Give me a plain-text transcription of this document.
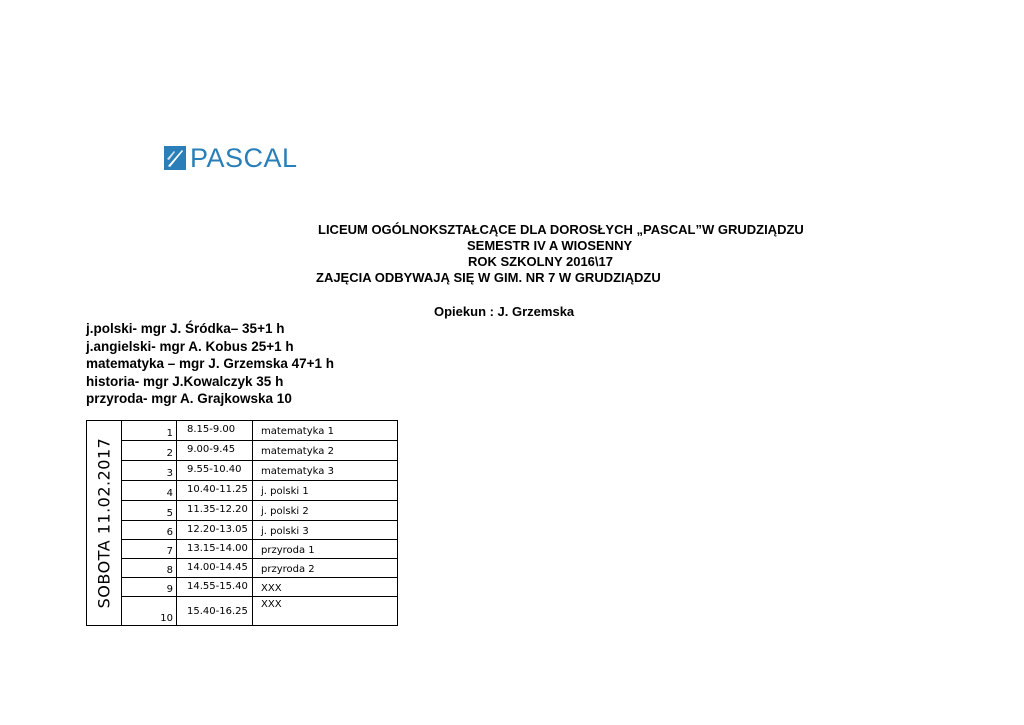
PASCAL
LICEUM OGÓLNOKSZTAŁCĄCE DLA DOROSŁYCH „PASCAL”W GRUDZIĄDZU
SEMESTR IV A WIOSENNY
ROK SZKOLNY 2016\17
ZAJĘCIA ODBYWAJĄ SIĘ W GIM. NR 7 W GRUDZIĄDZU
Opiekun : J. Grzemska
j.polski- mgr J. Śródka– 35+1 h
j.angielski- mgr A. Kobus 25+1 h
matematyka – mgr J. Grzemska 47+1 h
historia- mgr J.Kowalczyk 35 h
przyroda- mgr A. Grajkowska 10
SOBOTA 11.02.2017
1 8.15-9.00	matematyka 1
2 9.00-9.45	matematyka 2
3 9.55-10.40 matematyka 3
4 10.40-11.25 j. polski 1
5 11.35-12.20 j. polski 2
6 12.20-13.05 j. polski 3
7 13.15-14.00 przyroda 1
8 14.00-14.45 przyroda 2
9 14.55-15.40 XXX
10
15.40-16.25
XXX
